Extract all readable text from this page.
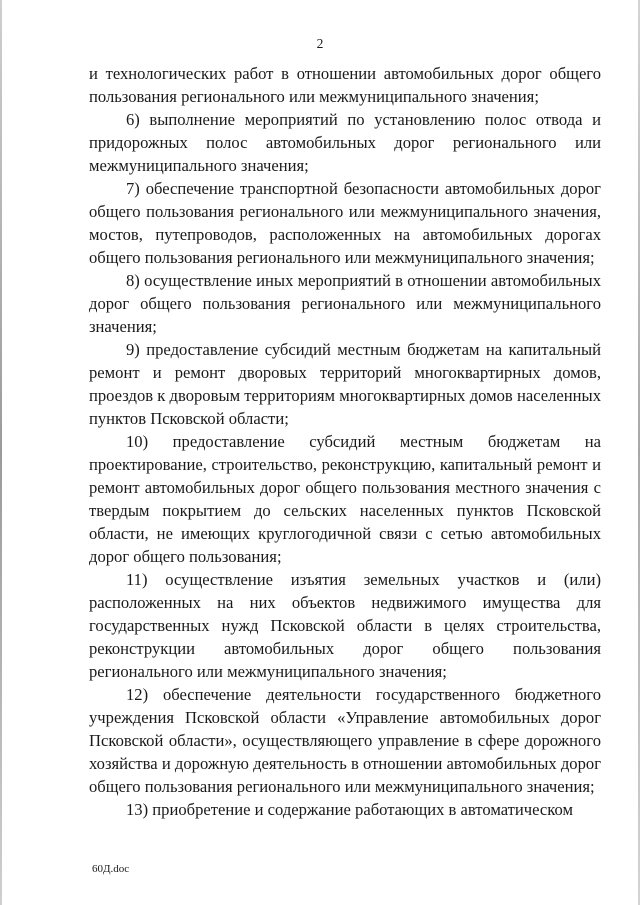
2

и технологических работ в отношении автомобильных дорог общего пользования регионального или межмуниципального значения;

6) выполнение мероприятий по установлению полос отвода и придорожных полос автомобильных дорог регионального или межмуниципального значения;

7) обеспечение транспортной безопасности автомобильных дорог общего пользования регионального или межмуниципального значения, мостов, путепроводов, расположенных на автомобильных дорогах общего пользования регионального или межмуниципального значения;

8) осуществление иных мероприятий в отношении автомобильных дорог общего пользования регионального или межмуниципального значения;

9) предоставление субсидий местным бюджетам на капитальный ремонт и ремонт дворовых территорий многоквартирных домов, проездов к дворовым территориям многоквартирных домов населенных пунктов Псковской области;

10) предоставление субсидий местным бюджетам на проектирование, строительство, реконструкцию, капитальный ремонт и ремонт автомобильных дорог общего пользования местного значения с твердым покрытием до сельских населенных пунктов Псковской области, не имеющих круглогодичной связи с сетью автомобильных дорог общего пользования;

11) осуществление изъятия земельных участков и (или) расположенных на них объектов недвижимого имущества для государственных нужд Псковской области в целях строительства, реконструкции автомобильных дорог общего пользования регионального или межмуниципального значения;

12) обеспечение деятельности государственного бюджетного учреждения Псковской области «Управление автомобильных дорог Псковской области», осуществляющего управление в сфере дорожного хозяйства и дорожную деятельность в отношении автомобильных дорог общего пользования регионального или межмуниципального значения;

13) приобретение и содержание работающих в автоматическом

60Д.doc
